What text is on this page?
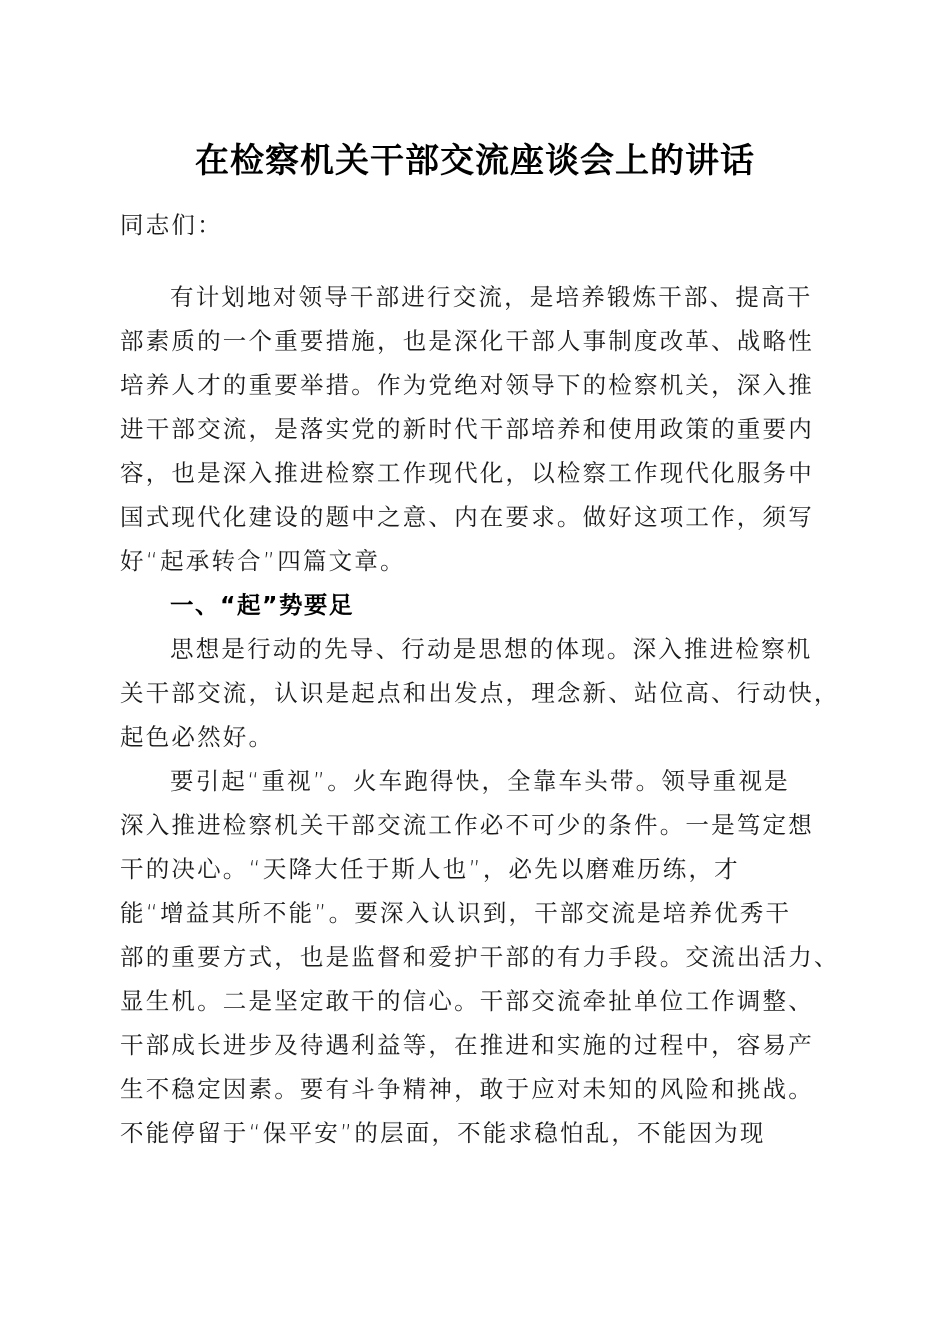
在检察机关干部交流座谈会上的讲话
同志们：
有计划地对领导干部进行交流，是培养锻炼干部、提高干
部素质的一个重要措施，也是深化干部人事制度改革、战略性
培养人才的重要举措。作为党绝对领导下的检察机关，深入推
进干部交流，是落实党的新时代干部培养和使用政策的重要内
容，也是深入推进检察工作现代化，以检察工作现代化服务中
国式现代化建设的题中之意、内在要求。做好这项工作，须写
好“起承转合”四篇文章。
一、“起”势要足
思想是行动的先导、行动是思想的体现。深入推进检察机
关干部交流，认识是起点和出发点，理念新、站位高、行动快，
起色必然好。
要引起“重视”。火车跑得快，全靠车头带。领导重视是
深入推进检察机关干部交流工作必不可少的条件。一是笃定想
干的决心。“天降大任于斯人也”，必先以磨难历练，才
能“增益其所不能”。要深入认识到，干部交流是培养优秀干
部的重要方式，也是监督和爱护干部的有力手段。交流出活力、
显生机。二是坚定敢干的信心。干部交流牵扯单位工作调整、
干部成长进步及待遇利益等，在推进和实施的过程中，容易产
生不稳定因素。要有斗争精神，敢于应对未知的风险和挑战。
不能停留于“保平安”的层面，不能求稳怕乱，不能因为现
